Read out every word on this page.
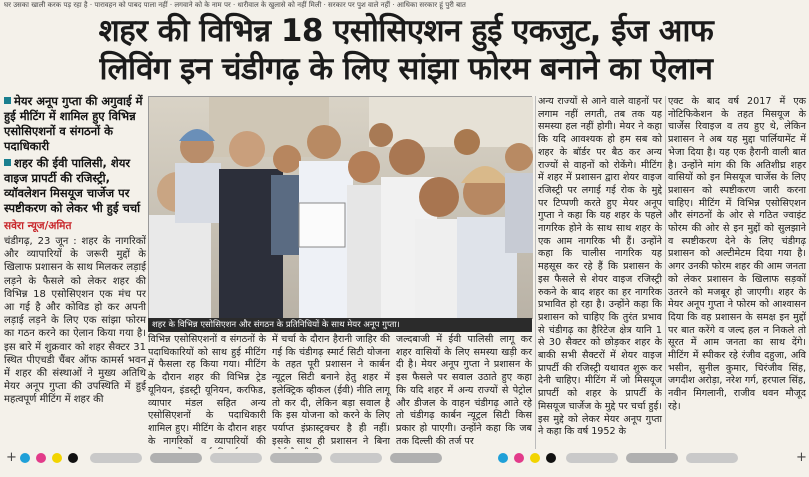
घर उसका खाली करक पड़ रहा है · पारावहन को पाबद पाला नहीं · लगवाने को के नाम पर · धारीवाल के खुलासे को नहीं मिली · सरकार पर पुश वाले नहीं · आधिका सरकार हूं पुरी बात
शहर की विभिन्न 18 एसोसिएशन हुई एकजुट, ईज आफ
लिविंग इन चंडीगढ़ के लिए सांझा फोरम बनाने का ऐलान
मेयर अनूप गुप्ता की अगुवाई में हुई मीटिंग में शामिल हुए विभिन्न एसोसिएशनों व संगठनों के पदाधिकारी
शहर की ईवी पालिसी, शेयर वाइज प्रापर्टी की रजिस्ट्री, व्यॉवलेशन मिसयूज चार्जेज पर स्पष्टीकरण को लेकर भी हुई चर्चा
सवेरा न्यूज/अमित
चंडीगढ़, 23 जून : शहर के नागरिकों और व्यापारियों के जरूरी मुद्दों के खिलाफ प्रशासन के साथ मिलकर लड़ाई लड़ने के फैसले को लेकर शहर की विभिन्न 18 एसोसिएशन एक मंच पर आ गई है और कोविड हो कर अपनी लड़ाई लड़ने के लिए एक सांझा फोरम का गठन करने का ऐलान किया गया है। इस बारे में शुक्रवार को शहर सैक्टर 31 स्थित पीएचडी चैंबर ऑफ कामर्स भवन में शहर की संस्थाओं ने मुख्य अतिथि मेयर अनूप गुप्ता की उपस्थिति में हुई महत्वपूर्ण मीटिंग में शहर की
शहर के विभिन्न एसोसिएशन और संगठन के प्रतिनिधियों के साथ मेयर अनूप गुप्ता।
विभिन्न एसोसिएशनों व संगठनों के पदाधिकारियों को साथ हुई मीटिंग में फैसला रह किया गया। मीटिंग के दौरान शहर की विभिन्न ट्रेड यूनियन, इंडस्ट्री यूनियन, करफिड, व्यापार मंडल सहित अन्य एसोसिएशनों के पदाधिकारी शामिल हुए। मीटिंग के दौरान शहर के नागरिकों व व्यापारियों की
में चर्चा के दौरान हैरानी जाहिर की गई कि चंडीगढ़ स्मार्ट सिटी योजना के तहत पूरी प्रशासन ने कार्बन न्यूट्रल सिटी बनाने हेतु शहर में इलेक्ट्रिक व्हीकल (ईवी) नीति लागू तो कर दी, लेकिन बड़ा सवाल है कि इस योजना को करने के लिए पर्याप्त इंफ्रास्ट्रक्चर है ही नहीं। इसके साथ ही प्रशासन ने बिना
जल्दबाजी में ईवी पालिसी लागू कर शहर वासियों के लिए समस्या खड़ी कर दी है। मेयर अनूप गुप्ता ने प्रशासन के इस फैसले पर सवाल उठाते हुए कहा कि यदि शहर में अन्य राज्यों से पेट्रोल और डीजल के वाहन चंडीगढ़ आते रहे तो चंडीगढ़ कार्बन न्यूट्रल सिटी किस प्रकार हो पाएगी। उन्होंने कहा कि जब तक दिल्ली की तर्ज पर
अन्य राज्यों से आने वाले वाहनों पर लगाम नहीं लगती, तब तक यह समस्या हल नहीं होगी। मेयर ने कहा कि यदि आवश्यक हो हम सब को शहर के बॉर्डर पर बैठ कर अन्य राज्यों से वाहनों को रोकेंगे। मीटिंग में शहर में प्रशासन द्वारा शेयर वाइज रजिस्ट्री पर लगाई गई रोक के मुद्दे पर टिप्पणी करते हुए मेयर अनूप गुप्ता ने कहा कि यह शहर के पहले नागरिक होने के साथ साथ शहर के एक आम नागरिक भी हैं। उन्होंने कहा कि चालीस नागरिक यह महसूस कर रहे हैं कि प्रशासन के इस फैसले से शेयर वाइज रजिस्ट्री रुकने के बाद शहर का हर नागरिक प्रभावित हो रहा है। उन्होंने कहा कि प्रशासन को चाहिए कि तुरंत प्रभाव से चंडीगढ़ का हैरिटेज क्षेत्र यानि 1 से 30 सैक्टर को छोड़कर शहर के बाकी सभी सैक्टरों में शेयर वाइज प्रापर्टी की रजिस्ट्री यथावत शुरू कर देनी चाहिए। मीटिंग में जो मिसयूज प्रापर्टी को शहर के प्रापर्टी के मिसयूज चार्जेज के मुद्दे पर चर्चा हुई। इस मुद्दे को लेकर मेयर अनूप गुप्ता ने कहा कि वर्ष 1952 के
एक्ट के बाद वर्ष 2017 में एक नोटिफिकेशन के तहत मिसयूज के चार्जेस रिवाइज व तय हुए थे, लेकिन प्रशासन ने अब यह मुद्दा पार्लियामेंट में भेजा दिया है। यह एक हैरानी वाली बात है। उन्होंने मांग की कि अतिशीघ्र शहर वासियों को इन मिसयूज चार्जेस के लिए प्रशासन को स्पष्टीकरण जारी करना चाहिए। मीटिंग में विभिन्न एसोसिएशन और संगठनों के ओर से गठित ज्वाइंट फोरम की ओर से इन मुद्दों को सुलझाने व स्पष्टीकरण देने के लिए चंडीगढ़ प्रशासन को अल्टीमेटम दिया गया है। अगर उनकी फोरम शहर की आम जनता को लेकर प्रशासन के खिलाफ सड़कों उतरने को मजबूर हो जाएगी। शहर के मेयर अनूप गुप्ता ने फोरम को आश्वासन दिया कि वह प्रशासन के समक्ष इन मुद्दों पर बात करेंगे व जल्द हल न निकले तो सूरत में आम जनता का साथ देंगे। मीटिंग में स्पीकर रहे रंजीव दहुजा, अवि भसीन, सुनील कुमार, चिरंजीव सिंह, जगदीश अरोड़ा, नरेश गर्ग, हरपाल सिंह, नवीन मिगलानी, राजीव धवन मौजूद रहे।
+	+
